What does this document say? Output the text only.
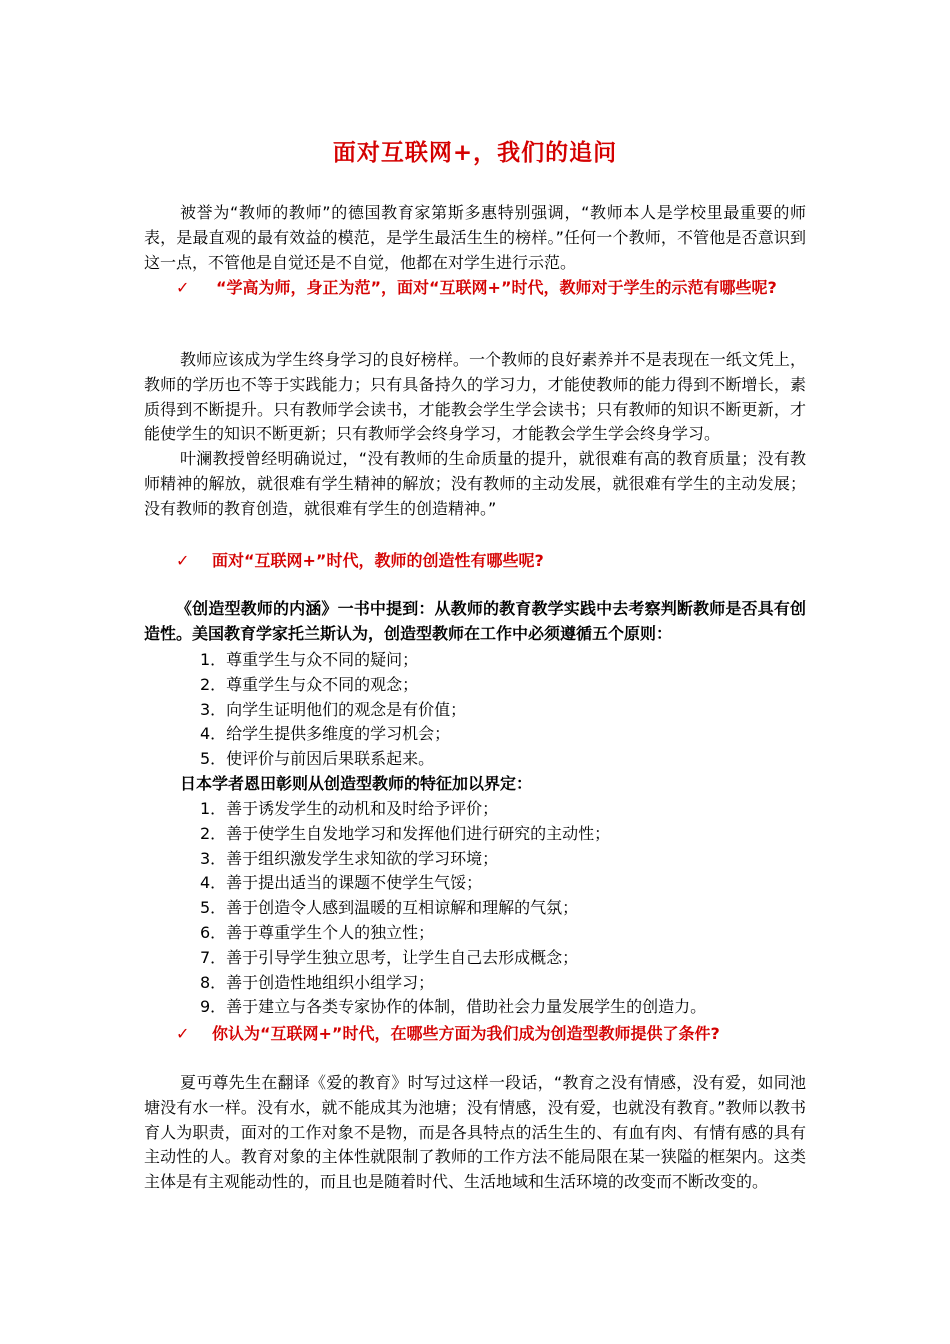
面对互联网+，我们的追问

被誉为“教师的教师”的德国教育家第斯多惠特别强调，“教师本人是学校里最重要的师表，是最直观的最有效益的模范，是学生最活生生的榜样。”任何一个教师，不管他是否意识到这一点，不管他是自觉还是不自觉，他都在对学生进行示范。

✓ “学高为师，身正为范”，面对“互联网+”时代，教师对于学生的示范有哪些呢?

教师应该成为学生终身学习的良好榜样。一个教师的良好素养并不是表现在一纸文凭上，教师的学历也不等于实践能力；只有具备持久的学习力，才能使教师的能力得到不断增长，素质得到不断提升。只有教师学会读书，才能教会学生学会读书；只有教师的知识不断更新，才能使学生的知识不断更新；只有教师学会终身学习，才能教会学生学会终身学习。

叶澜教授曾经明确说过，“没有教师的生命质量的提升，就很难有高的教育质量；没有教师精神的解放，就很难有学生精神的解放；没有教师的主动发展，就很难有学生的主动发展；没有教师的教育创造，就很难有学生的创造精神。”

✓ 面对“互联网+”时代，教师的创造性有哪些呢?

《创造型教师的内涵》一书中提到：从教师的教育教学实践中去考察判断教师是否具有创造性。美国教育学家托兰斯认为，创造型教师在工作中必须遵循五个原则：

1．尊重学生与众不同的疑问；
2．尊重学生与众不同的观念；
3．向学生证明他们的观念是有价值；
4．给学生提供多维度的学习机会；
5．使评价与前因后果联系起来。
日本学者恩田彰则从创造型教师的特征加以界定：
1．善于诱发学生的动机和及时给予评价；
2．善于使学生自发地学习和发挥他们进行研究的主动性；
3．善于组织激发学生求知欲的学习环境；
4．善于提出适当的课题不使学生气馁；
5．善于创造令人感到温暖的互相谅解和理解的气氛；
6．善于尊重学生个人的独立性；
7．善于引导学生独立思考，让学生自己去形成概念；
8．善于创造性地组织小组学习；
9．善于建立与各类专家协作的体制，借助社会力量发展学生的创造力。
✓ 你认为“互联网+”时代，在哪些方面为我们成为创造型教师提供了条件?

夏丏尊先生在翻译《爱的教育》时写过这样一段话，“教育之没有情感，没有爱，如同池塘没有水一样。没有水，就不能成其为池塘；没有情感，没有爱，也就没有教育。”教师以教书育人为职责，面对的工作对象不是物，而是各具特点的活生生的、有血有肉、有情有感的具有主动性的人。教育对象的主体性就限制了教师的工作方法不能局限在某一狭隘的框架内。这类主体是有主观能动性的，而且也是随着时代、生活地域和生活环境的改变而不断改变的。
